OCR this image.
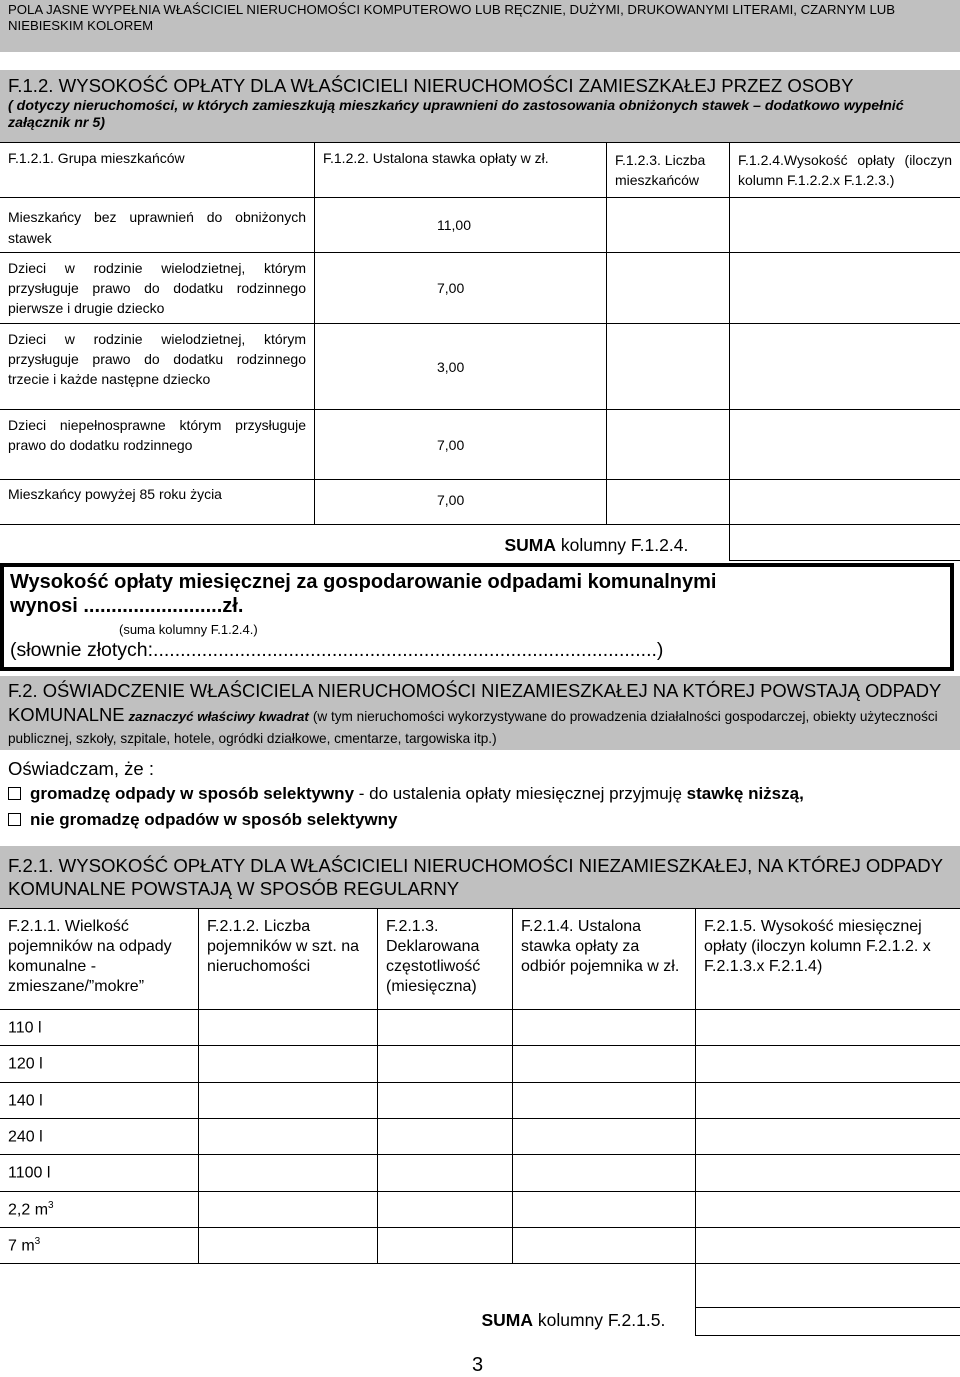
POLA JASNE WYPEŁNIA WŁAŚCICIEL NIERUCHOMOŚCI KOMPUTEROWO LUB RĘCZNIE, DUŻYMI, DRUKOWANYMI LITERAMI, CZARNYM LUB NIEBIESKIM KOLOREM
F.1.2. WYSOKOŚĆ OPŁATY DLA WŁAŚCICIELI NIERUCHOMOŚCI ZAMIESZKAŁEJ PRZEZ OSOBY
( dotyczy nieruchomości, w których zamieszkują mieszkańcy uprawnieni do zastosowania obniżonych stawek – dodatkowo wypełnić załącznik nr 5)
F.1.2.1. Grupa mieszkańców	F.1.2.2. Ustalona stawka opłaty w zł.	F.1.2.3. Liczba mieszkańców	F.1.2.4.Wysokość opłaty (iloczyn kolumn F.1.2.2.x F.1.2.3.)
Mieszkańcy bez uprawnień do obniżonych stawek	11,00		
Dzieci w rodzinie wielodzietnej, którym przysługuje prawo do dodatku rodzinnego pierwsze i drugie dziecko	7,00		
Dzieci w rodzinie wielodzietnej, którym przysługuje prawo do dodatku rodzinnego trzecie i każde następne dziecko	3,00		
Dzieci niepełnosprawne którym przysługuje prawo do dodatku rodzinnego	7,00		
Mieszkańcy powyżej 85 roku życia	7,00		
	SUMA kolumny F.1.2.4.		
Wysokość opłaty miesięcznej za gospodarowanie odpadami komunalnymi
wynosi .........................zł.
(suma kolumny F.1.2.4.)
(słownie złotych:.............................................................................................)
F.2. OŚWIADCZENIE WŁAŚCICIELA NIERUCHOMOŚCI NIEZAMIESZKAŁEJ NA KTÓREJ POWSTAJĄ ODPADY KOMUNALNE zaznaczyć właściwy kwadrat (w tym nieruchomości wykorzystywane do prowadzenia działalności gospodarczej, obiekty użyteczności publicznej, szkoły, szpitale, hotele, ogródki działkowe, cmentarze, targowiska itp.)
Oświadczam, że :
gromadzę odpady w sposób selektywny - do ustalenia opłaty miesięcznej przyjmuję stawkę niższą,
nie gromadzę odpadów w sposób selektywny
F.2.1. WYSOKOŚĆ OPŁATY DLA WŁAŚCICIELI NIERUCHOMOŚCI NIEZAMIESZKAŁEJ, NA KTÓREJ ODPADY KOMUNALNE POWSTAJĄ W SPOSÓB REGULARNY
F.2.1.1. Wielkość pojemników na odpady komunalne - zmieszane/”mokre”	F.2.1.2. Liczba pojemników w szt. na nieruchomości	F.2.1.3. Deklarowana częstotliwość (miesięczna)	F.2.1.4. Ustalona stawka opłaty za odbiór pojemnika w zł.	F.2.1.5. Wysokość miesięcznej opłaty (iloczyn kolumn F.2.1.2. x F.2.1.3.x F.2.1.4)
110 l				
120 l				
140 l				
240 l				
1100 l				
2,2 $m^3$				
7 $m^3$				

		SUMA kolumny F.2.1.5.		
3
